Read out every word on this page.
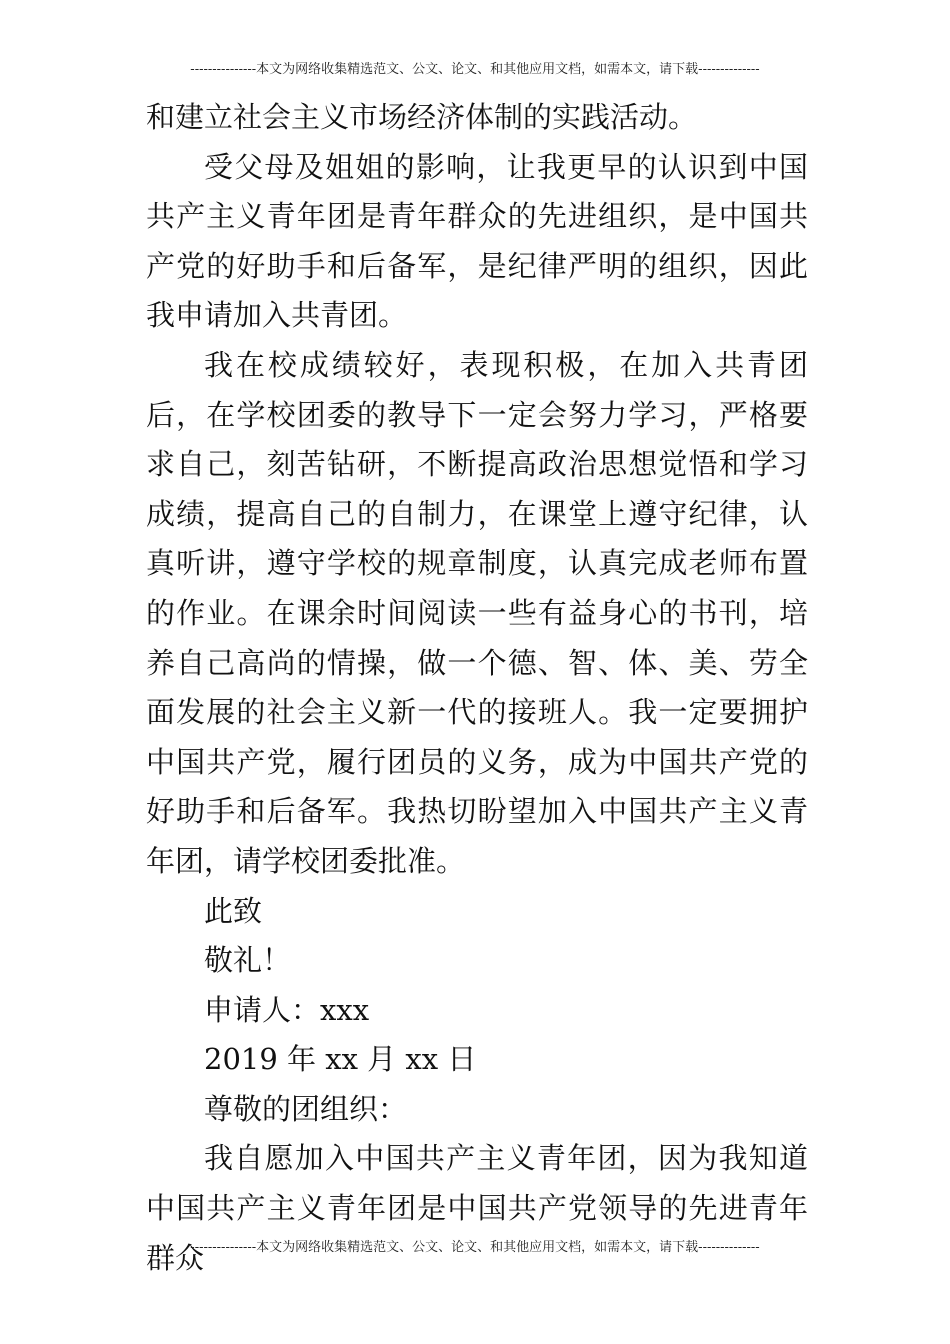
---------------本文为网络收集精选范文、公文、论文、和其他应用文档，如需本文，请下载--------------

和建立社会主义市场经济体制的实践活动。

受父母及姐姐的影响，让我更早的认识到中国共产主义青年团是青年群众的先进组织，是中国共产党的好助手和后备军，是纪律严明的组织，因此我申请加入共青团。

我在校成绩较好，表现积极，在加入共青团后，在学校团委的教导下一定会努力学习，严格要求自己，刻苦钻研，不断提高政治思想觉悟和学习成绩，提高自己的自制力，在课堂上遵守纪律，认真听讲，遵守学校的规章制度，认真完成老师布置的作业。在课余时间阅读一些有益身心的书刊，培养自己高尚的情操，做一个德、智、体、美、劳全面发展的社会主义新一代的接班人。我一定要拥护中国共产党，履行团员的义务，成为中国共产党的好助手和后备军。我热切盼望加入中国共产主义青年团，请学校团委批准。

此致

敬礼！

申请人：xxx

2019 年 xx 月 xx 日

尊敬的团组织：

我自愿加入中国共产主义青年团，因为我知道中国共产主义青年团是中国共产党领导的先进青年群众

---------------本文为网络收集精选范文、公文、论文、和其他应用文档，如需本文，请下载--------------
